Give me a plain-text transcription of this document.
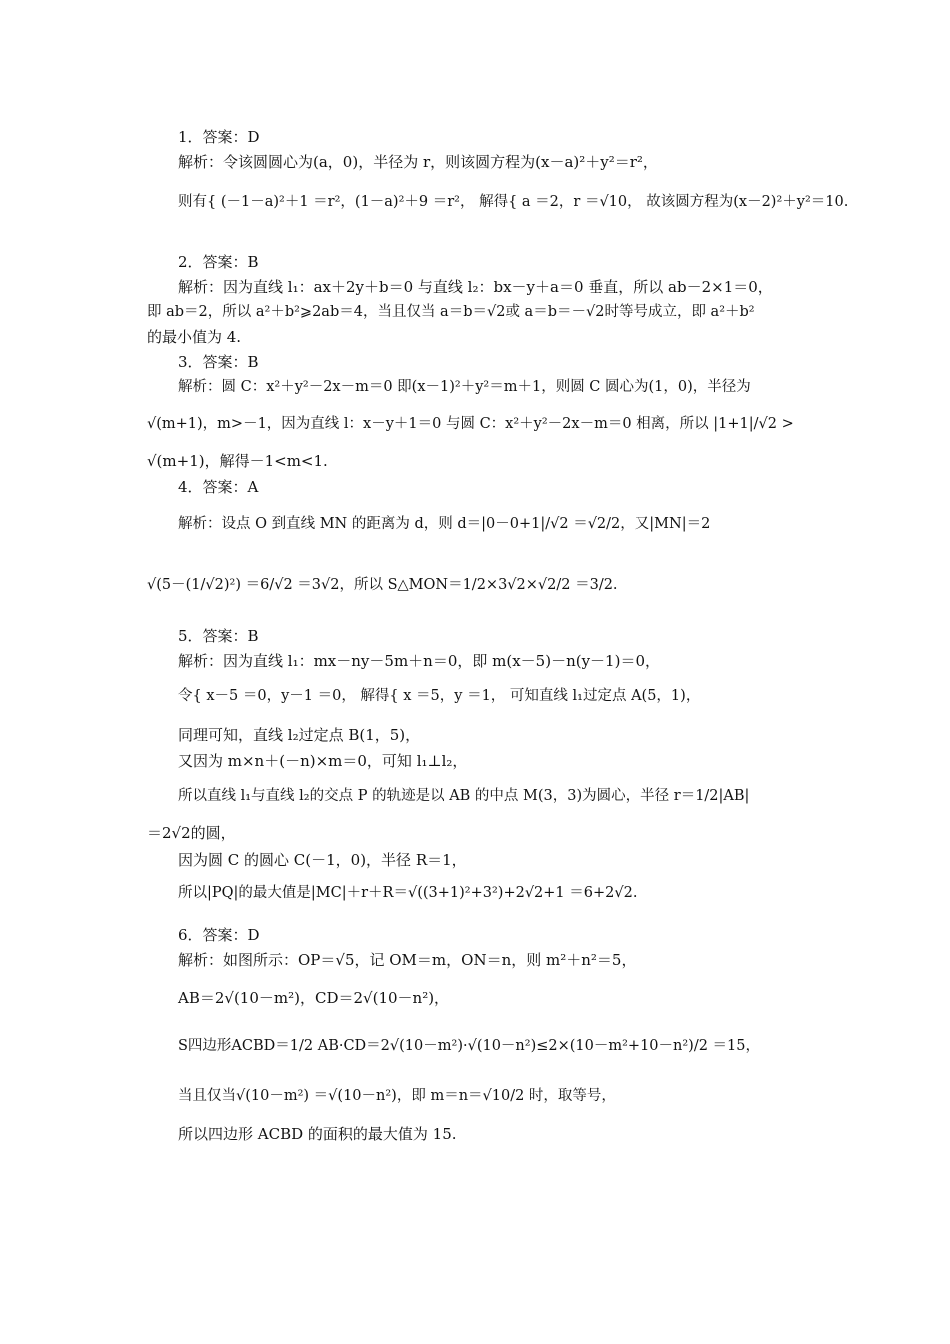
1．答案：D
解析：令该圆圆心为(a，0)，半径为 r，则该圆方程为(x－a)²＋y²＝r²，
则有{ (－1－a)²＋1 ＝r²，(1－a)²＋9 ＝r²， 解得{ a ＝2，r ＝√10， 故该圆方程为(x－2)²＋y²＝10.
2．答案：B
解析：因为直线 l₁：ax＋2y＋b＝0 与直线 l₂：bx－y＋a＝0 垂直，所以 ab－2×1＝0，
即 ab＝2，所以 a²＋b²⩾2ab＝4，当且仅当 a＝b＝√2或 a＝b＝－√2时等号成立，即 a²＋b²
的最小值为 4.
3．答案：B
解析：圆 C：x²＋y²－2x－m＝0 即(x－1)²＋y²＝m＋1，则圆 C 圆心为(1，0)，半径为
√(m+1)，m>－1，因为直线 l：x－y＋1＝0 与圆 C：x²＋y²－2x－m＝0 相离，所以 |1+1|/√2 >
√(m+1)，解得－1<m<1.
4．答案：A
解析：设点 O 到直线 MN 的距离为 d，则 d＝|0－0+1|/√2 ＝√2/2，又|MN|＝2
√(5－(1/√2)²) ＝6/√2 ＝3√2，所以 S△MON＝1/2×3√2×√2/2 ＝3/2.
5．答案：B
解析：因为直线 l₁：mx－ny－5m＋n＝0，即 m(x－5)－n(y－1)＝0，
令{ x－5 ＝0，y－1 ＝0， 解得{ x ＝5，y ＝1， 可知直线 l₁过定点 A(5，1)，
同理可知，直线 l₂过定点 B(1，5)，
又因为 m×n＋(－n)×m＝0，可知 l₁⊥l₂，
所以直线 l₁与直线 l₂的交点 P 的轨迹是以 AB 的中点 M(3，3)为圆心，半径 r＝1/2|AB|
＝2√2的圆，
因为圆 C 的圆心 C(－1，0)，半径 R＝1，
所以|PQ|的最大值是|MC|＋r＋R＝√((3+1)²+3²)+2√2+1 ＝6+2√2.
6．答案：D
解析：如图所示：OP＝√5，记 OM＝m，ON＝n，则 m²＋n²＝5，
AB＝2√(10－m²)，CD＝2√(10－n²)，
S四边形ACBD＝1/2 AB·CD＝2√(10－m²)·√(10－n²)≤2×(10－m²+10－n²)/2 ＝15，
当且仅当√(10－m²) ＝√(10－n²)，即 m＝n＝√10/2 时，取等号，
所以四边形 ACBD 的面积的最大值为 15.
